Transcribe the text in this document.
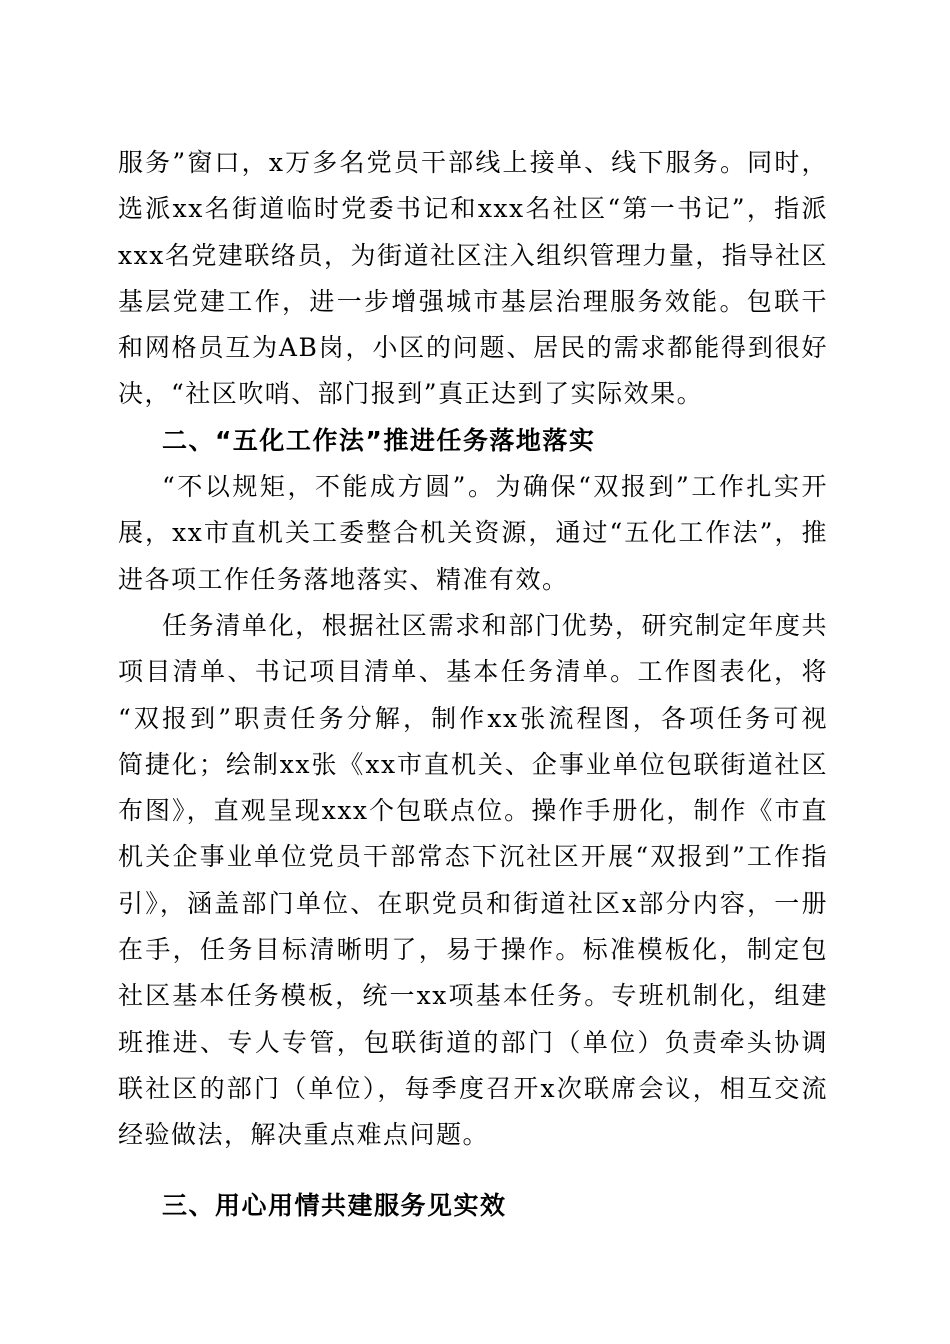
服务”窗口，x万多名党员干部线上接单、线下服务。同时，
选派xx名街道临时党委书记和xxx名社区“第一书记”，指派
xxx名党建联络员，为街道社区注入组织管理力量，指导社区
基层党建工作，进一步增强城市基层治理服务效能。包联干
和网格员互为AB岗，小区的问题、居民的需求都能得到很好
决，“社区吹哨、部门报到”真正达到了实际效果。
二、“五化工作法”推进任务落地落实
“不以规矩，不能成方圆”。为确保“双报到”工作扎实开
展，xx市直机关工委整合机关资源，通过“五化工作法”，推
进各项工作任务落地落实、精准有效。
任务清单化，根据社区需求和部门优势，研究制定年度共
项目清单、书记项目清单、基本任务清单。工作图表化，将
“双报到”职责任务分解，制作xx张流程图，各项任务可视
简捷化；绘制xx张《xx市直机关、企事业单位包联街道社区
布图》，直观呈现xxx个包联点位。操作手册化，制作《市直
机关企事业单位党员干部常态下沉社区开展“双报到”工作指
引》，涵盖部门单位、在职党员和街道社区x部分内容，一册
在手，任务目标清晰明了，易于操作。标准模板化，制定包
社区基本任务模板，统一xx项基本任务。专班机制化，组建
班推进、专人专管，包联街道的部门（单位）负责牵头协调
联社区的部门（单位），每季度召开x次联席会议，相互交流
经验做法，解决重点难点问题。
三、用心用情共建服务见实效
